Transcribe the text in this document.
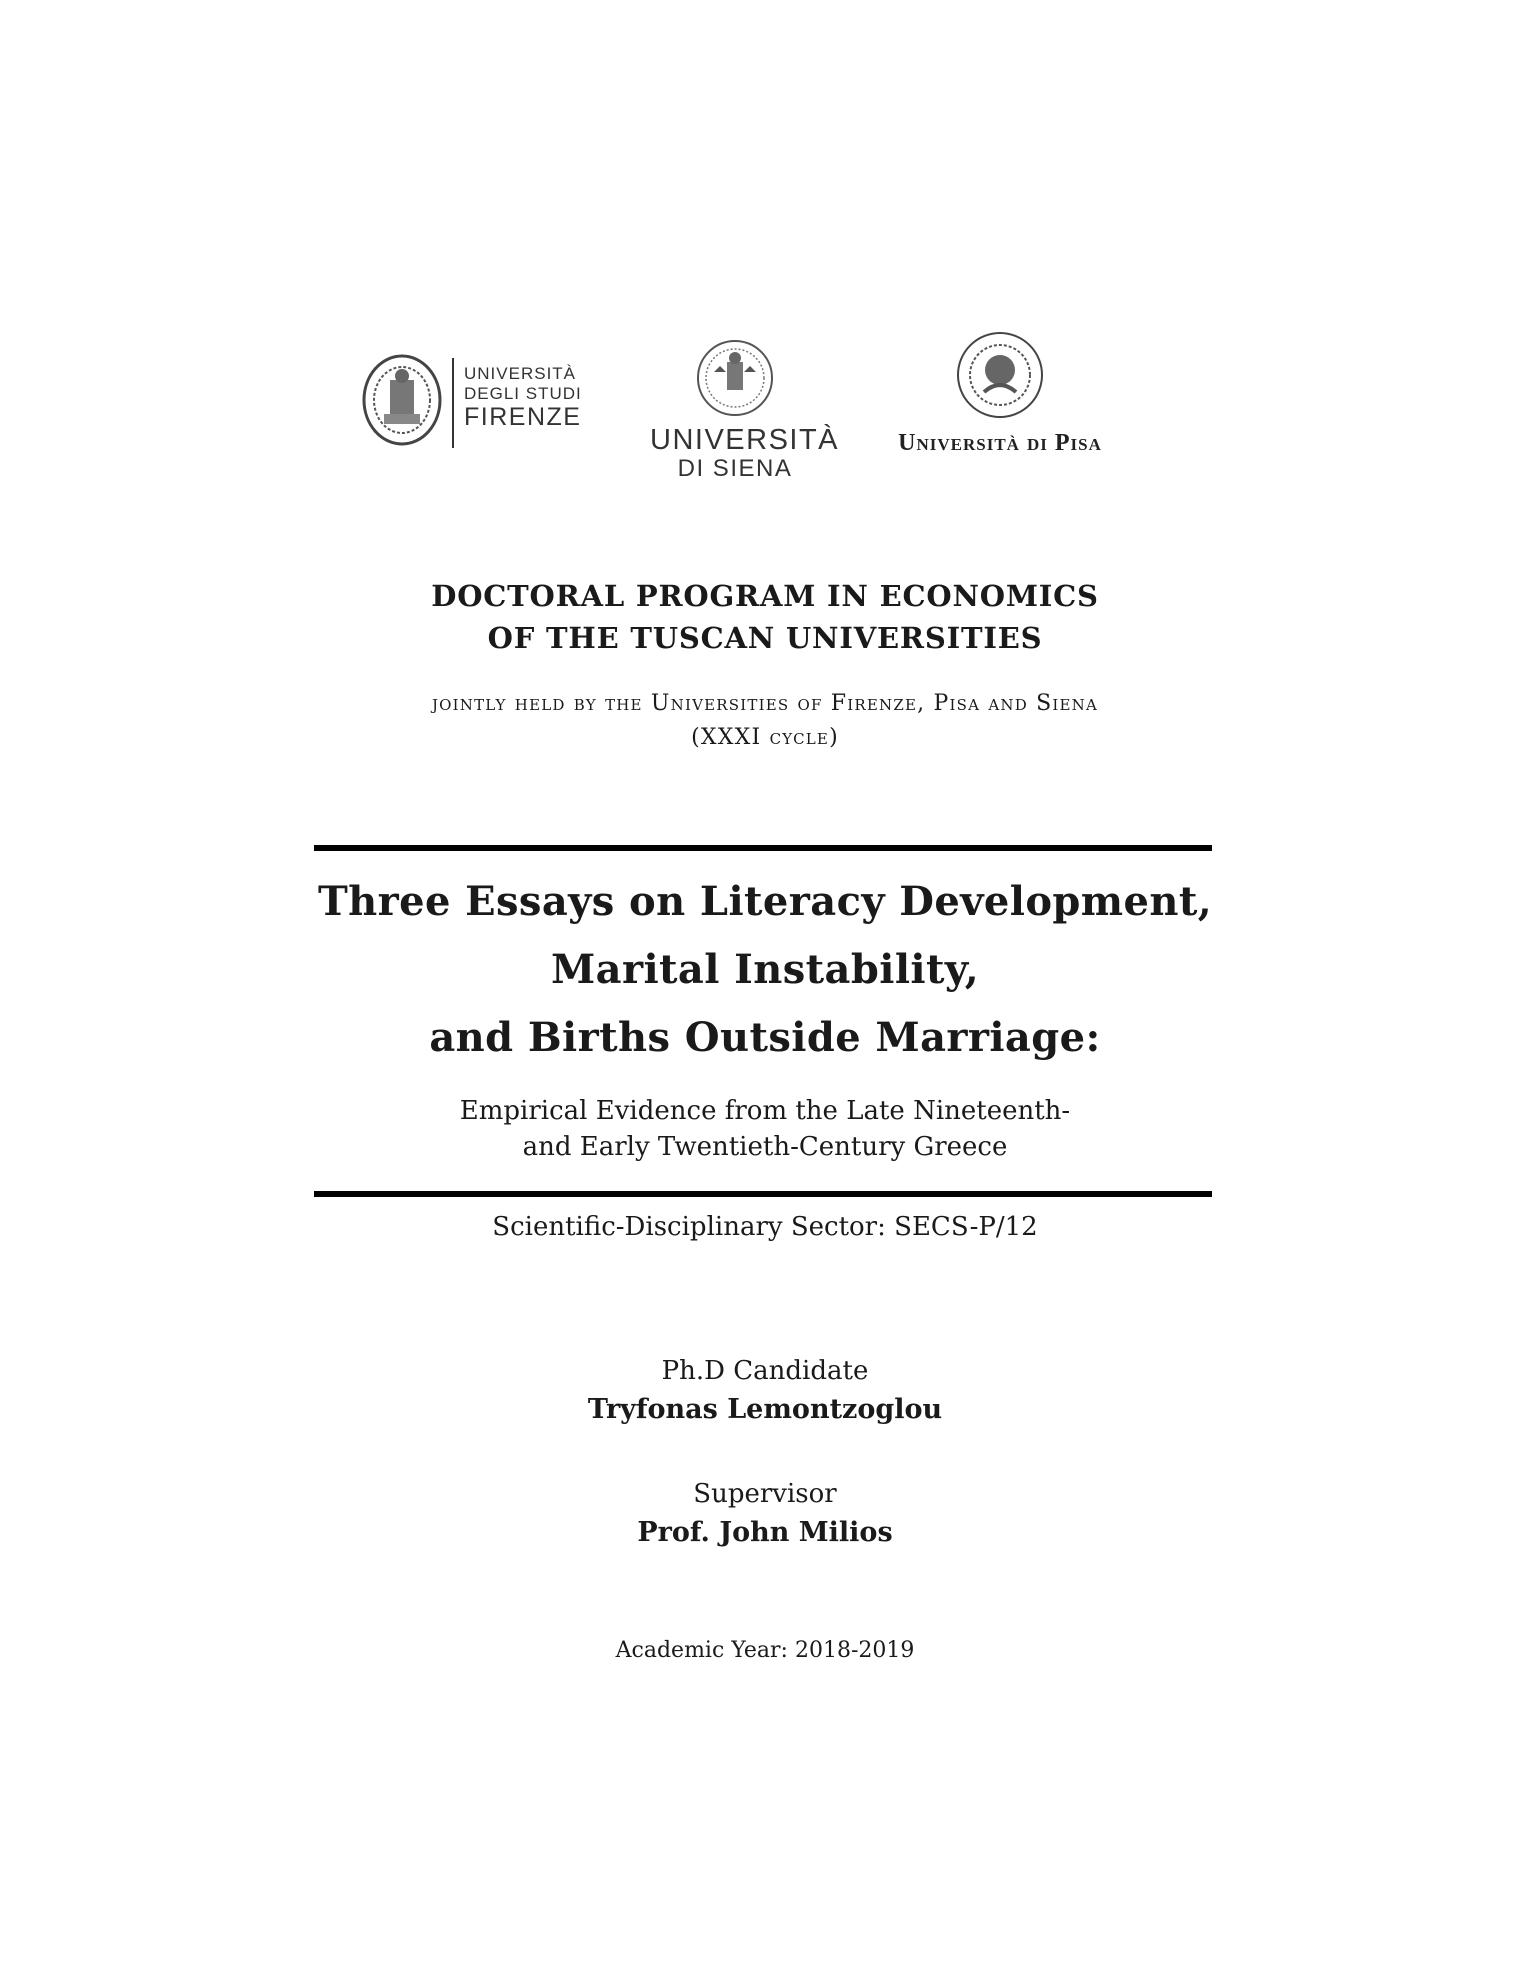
UNIVERSITÀ
DEGLI STUDI
FIRENZE
UNIVERSITÀ
DI SIENA
Università di Pisa
DOCTORAL PROGRAM IN ECONOMICS
OF THE TUSCAN UNIVERSITIES
jointly held by the Universities of Firenze, Pisa and Siena
(XXXI cycle)
Three Essays on Literacy Development,
Marital Instability,
and Births Outside Marriage:
Empirical Evidence from the Late Nineteenth-
and Early Twentieth-Century Greece
Scientific-Disciplinary Sector: SECS-P/12
Ph.D Candidate
Tryfonas Lemontzoglou
Supervisor
Prof. John Milios
Academic Year: 2018-2019
